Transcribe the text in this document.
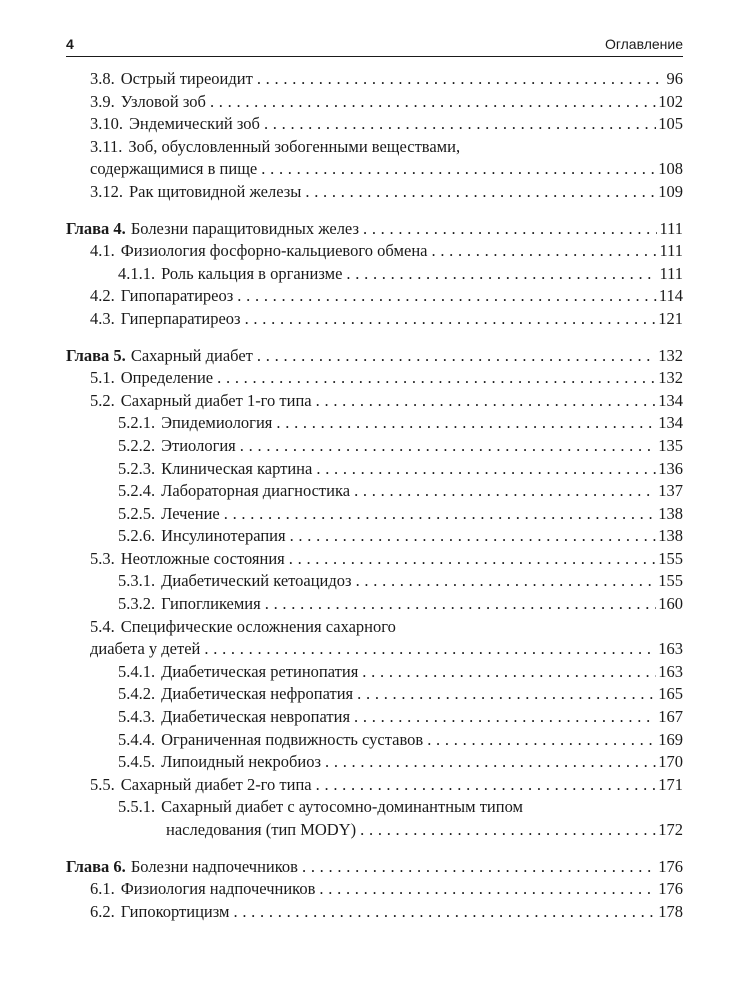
4	Оглавление
3.8. Острый тиреоидит . . .	96
3.9. Узловой зоб . . .	102
3.10. Эндемический зоб . . .	105
3.11. Зоб, обусловленный зобогенными веществами,
содержащимися в пище . . .	108
3.12. Рак щитовидной железы . . .	109
Глава 4. Болезни паращитовидных желез . . .	111
4.1. Физиология фосфорно-кальциевого обмена . . .	111
4.1.1. Роль кальция в организме . . .	111
4.2. Гипопаратиреоз . . .	114
4.3. Гиперпаратиреоз . . .	121
Глава 5. Сахарный диабет . . .	132
5.1. Определение . . .	132
5.2. Сахарный диабет 1-го типа . . .	134
5.2.1. Эпидемиология . . .	134
5.2.2. Этиология . . .	135
5.2.3. Клиническая картина . . .	136
5.2.4. Лабораторная диагностика . . .	137
5.2.5. Лечение . . .	138
5.2.6. Инсулинотерапия . . .	138
5.3. Неотложные состояния . . .	155
5.3.1. Диабетический кетоацидоз . . .	155
5.3.2. Гипогликемия . . .	160
5.4. Специфические осложнения сахарного
диабета у детей . . .	163
5.4.1. Диабетическая ретинопатия . . .	163
5.4.2. Диабетическая нефропатия . . .	165
5.4.3. Диабетическая невропатия . . .	167
5.4.4. Ограниченная подвижность суставов . . .	169
5.4.5. Липоидный некробиоз . . .	170
5.5. Сахарный диабет 2-го типа . . .	171
5.5.1. Сахарный диабет с аутосомно-доминантным типом
наследования (тип MODY) . . .	172
Глава 6. Болезни надпочечников . . .	176
6.1. Физиология надпочечников . . .	176
6.2. Гипокортицизм . . .	178
